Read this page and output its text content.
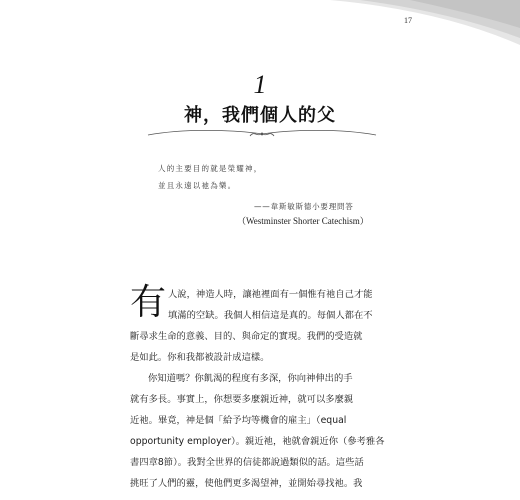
17
1
神，我們個人的父
人的主要目的就是榮耀神，
並且永遠以祂為樂。
——韋斯敏斯德小要理問答
（Westminster Shorter Catechism）
有 人說，神造人時，讓祂裡面有一個惟有祂自己才能
填滿的空缺。我個人相信這是真的。每個人都在不
斷尋求生命的意義、目的、與命定的實現。我們的受造就
是如此。你和我都被設計成這樣。
你知道嗎？你飢渴的程度有多深，你向神伸出的手
就有多長。事實上，你想要多麼親近神，就可以多麼親
近祂。畢竟，神是個「給予均等機會的雇主」（equal
opportunity employer）。親近祂，祂就會親近你（參考雅各
書四章8節）。我對全世界的信徒都說過類似的話。這些話
挑旺了人們的靈，使他們更多渴望神，並開始尋找祂。我
